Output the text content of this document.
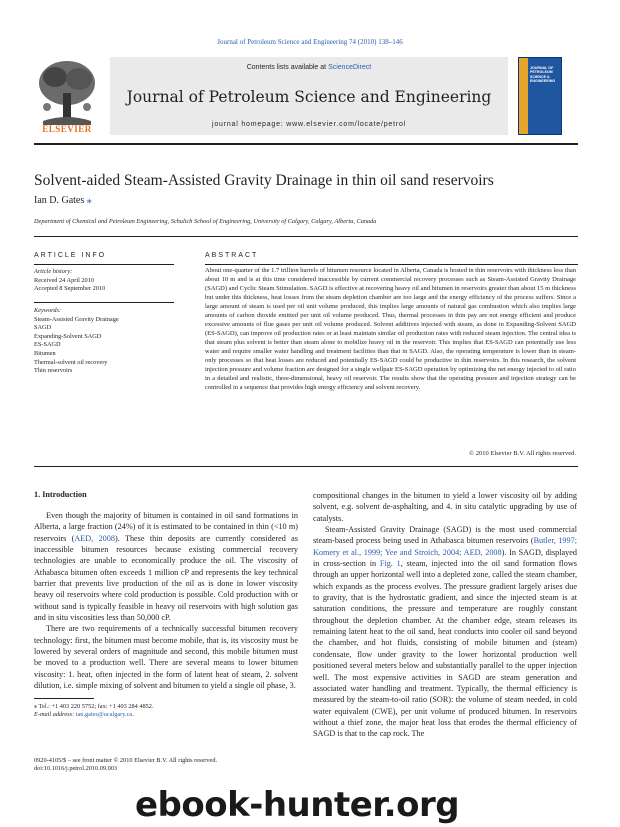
Journal of Petroleum Science and Engineering 74 (2010) 138–146
ELSEVIER
Contents lists available at ScienceDirect
Journal of Petroleum Science and Engineering
journal homepage: www.elsevier.com/locate/petrol
JOURNAL OF PETROLEUM SCIENCE & ENGINEERING
Solvent-aided Steam-Assisted Gravity Drainage in thin oil sand reservoirs
Ian D. Gates ⁎
Department of Chemical and Petroleum Engineering, Schulich School of Engineering, University of Calgary, Calgary, Alberta, Canada
ARTICLE INFO
Article history:
Received 24 April 2010
Accepted 8 September 2010
Keywords:
Steam-Assisted Gravity Drainage
SAGD
Expanding-Solvent SAGD
ES-SAGD
Bitumen
Thermal-solvent oil recovery
Thin reservoirs
ABSTRACT
About one-quarter of the 1.7 trillion barrels of bitumen resource located in Alberta, Canada is hosted in thin reservoirs with thickness less than about 10 m and is at this time considered inaccessible by current commercial recovery processes such as Steam-Assisted Gravity Drainage (SAGD) and Cyclic Steam Stimulation. SAGD is effective at recovering heavy oil and bitumen in reservoirs greater than about 15 m thickness but under this thickness, heat losses from the steam depletion chamber are too large and the energy efficiency of the process suffers. Since a large amount of steam is used per oil unit volume produced, this implies large amounts of natural gas combustion which also implies large amounts of carbon dioxide emitted per unit oil volume produced. Thus, thermal processes in thin pay are not energy efficient and produce excessive amounts of flue gases per unit oil volume produced. Solvent additives injected with steam, as done in Expanding-Solvent SAGD (ES-SAGD), can improve oil production rates or at least maintain similar oil production rates with reduced steam injection. The central idea is that steam plus solvent is better than steam alone to mobilize heavy oil in the reservoir. This implies that ES-SAGD can potentially use less water and require smaller water handling and treatment facilities than that in SAGD. Also, the operating temperature is lower than in steam-only processes so that heat losses are reduced and potentially ES-SAGD could be productive in thin reservoirs. In this research, the solvent injection pressure and volume fraction are designed for a single wellpair ES-SAGD operation by optimizing the net energy injected to oil ratio in a detailed and realistic, three-dimensional, heavy oil reservoir. The results show that the operating pressure and injection strategy can be controlled in a sequence that provides high energy efficiency and solvent recovery.
© 2010 Elsevier B.V. All rights reserved.
1. Introduction

Even though the majority of bitumen is contained in oil sand formations in Alberta, a large fraction (24%) of it is estimated to be contained in thin (<10 m) reservoirs (AED, 2008). These thin deposits are currently considered as inaccessible bitumen resources because existing commercial recovery technologies are unable to economically produce the oil. The viscosity of Athabasca bitumen often exceeds 1 million cP and represents the key technical barrier that prevents live production of the oil as is done in lower viscosity heavy oil reservoirs where cold production is possible. Cold production with or without sand is typically feasible in heavy oil reservoirs with high solution gas and in situ viscosities less than 50,000 cP.

There are two requirements of a technically successful bitumen recovery technology: first, the bitumen must become mobile, that is, its viscosity must be lowered by several orders of magnitude and second, this mobile bitumen must be moved to a production well. There are several means to lower bitumen viscosity: 1. heat, often injected in the form of latent heat of steam, 2. solvent dilution, i.e. simple mixing of solvent and bitumen to yield a single oil phase, 3.

compositional changes in the bitumen to yield a lower viscosity oil by adding solvent, e.g. solvent de-asphalting, and 4. in situ catalytic upgrading by use of catalysts.

Steam-Assisted Gravity Drainage (SAGD) is the most used commercial steam-based process being used in Athabasca bitumen reservoirs (Butler, 1997; Komery et al., 1999; Yee and Stroich, 2004; AED, 2008). In SAGD, displayed in cross-section in Fig. 1, steam, injected into the oil sand formation flows through an upper horizontal well into a depleted zone, called the steam chamber, which expands as the process evolves. The pressure gradient largely arises due to gravity, that is the hydrostatic gradient, and since the injected steam is at saturation conditions, the pressure and temperature are roughly constant throughout the depletion chamber. At the chamber edge, steam releases its remaining latent heat to the oil sand, heat conducts into cooler oil sand beyond the chamber, and hot fluids, consisting of mobile bitumen and (steam) condensate, flow under gravity to the lower horizontal production well positioned several meters below and substantially parallel to the upper injection well. The most expensive activities in SAGD are steam generation and associated water handling and treatment. Typically, the thermal efficiency is measured by the steam-to-oil ratio (SOR): the volume of steam needed, in cold water equivalent (CWE), per unit volume of produced bitumen. In reservoirs without a thief zone, the major heat loss that erodes the thermal efficiency of SAGD is that to the cap rock. The

⁎ Tel.: +1 403 220 5752; fax: +1 403 284 4852.
E-mail address: ian.gates@ucalgary.ca.
0920-4105/$ – see front matter © 2010 Elsevier B.V. All rights reserved.
doi:10.1016/j.petrol.2010.09.003
ebook-hunter.org
